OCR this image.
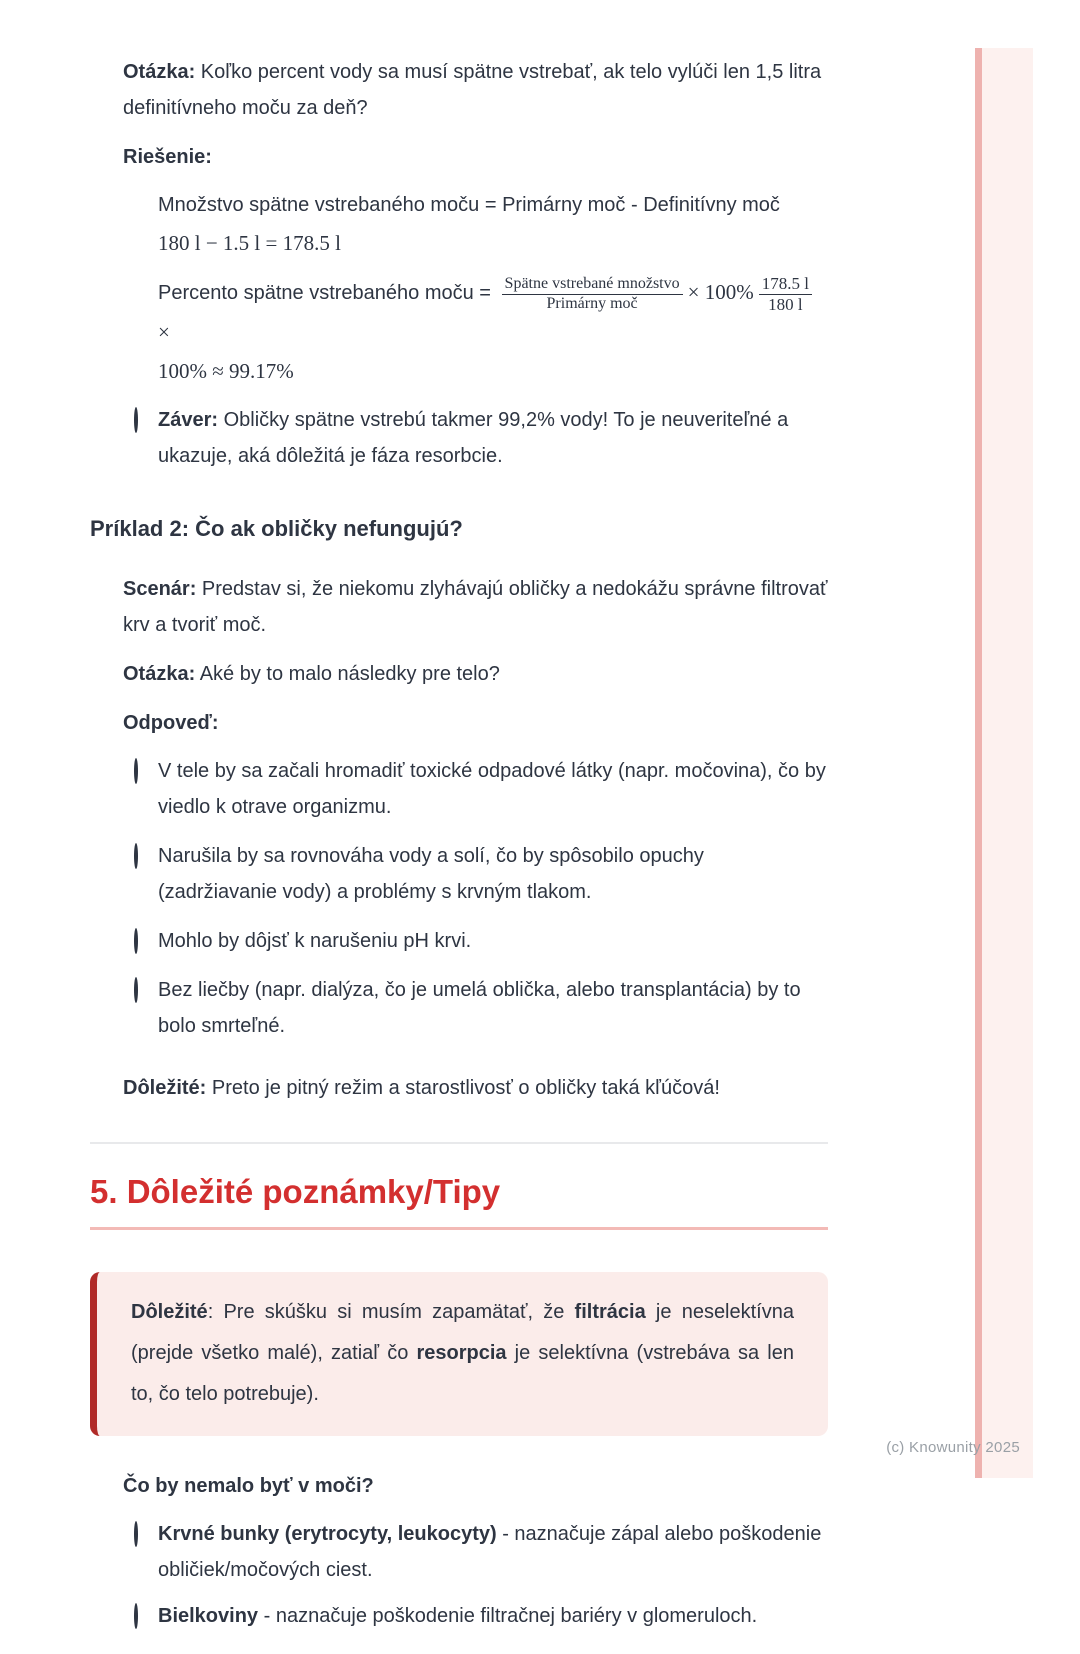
Otázka: Koľko percent vody sa musí spätne vstrebať, ak telo vylúči len 1,5 litra definitívneho moču za deň?
Riešenie:
Množstvo spätne vstrebaného moču = Primárny moč - Definitívny moč
180 l − 1.5 l = 178.5 l
Percento spätne vstrebaného moču = $\frac{\text{Spätne vstrebané množstvo}}{\text{Primárny moč}} \times 100\% \frac{178.5 l}{180 l}$
×
100% ≈ 99.17%
Záver: Obličky spätne vstrebú takmer 99,2% vody! To je neuveriteľné a ukazuje, aká dôležitá je fáza resorbcie.
Príklad 2: Čo ak obličky nefungujú?
Scenár: Predstav si, že niekomu zlyhávajú obličky a nedokážu správne filtrovať krv a tvoriť moč.
Otázka: Aké by to malo následky pre telo?
Odpoveď:
V tele by sa začali hromadiť toxické odpadové látky (napr. močovina), čo by viedlo k otrave organizmu.
Narušila by sa rovnováha vody a solí, čo by spôsobilo opuchy (zadržiavanie vody) a problémy s krvným tlakom.
Mohlo by dôjsť k narušeniu pH krvi.
Bez liečby (napr. dialýza, čo je umelá oblička, alebo transplantácia) by to bolo smrteľné.
Dôležité: Preto je pitný režim a starostlivosť o obličky taká kľúčová!
5. Dôležité poznámky/Tipy
Dôležité: Pre skúšku si musím zapamätať, že filtrácia je neselektívna (prejde všetko malé), zatiaľ čo resorpcia je selektívna (vstrebáva sa len to, čo telo potrebuje).
Čo by nemalo byť v moči?
Krvné bunky (erytrocyty, leukocyty) - naznačuje zápal alebo poškodenie obličiek/močových ciest.
Bielkoviny - naznačuje poškodenie filtračnej bariéry v glomeruloch.
(c) Knowunity 2025
